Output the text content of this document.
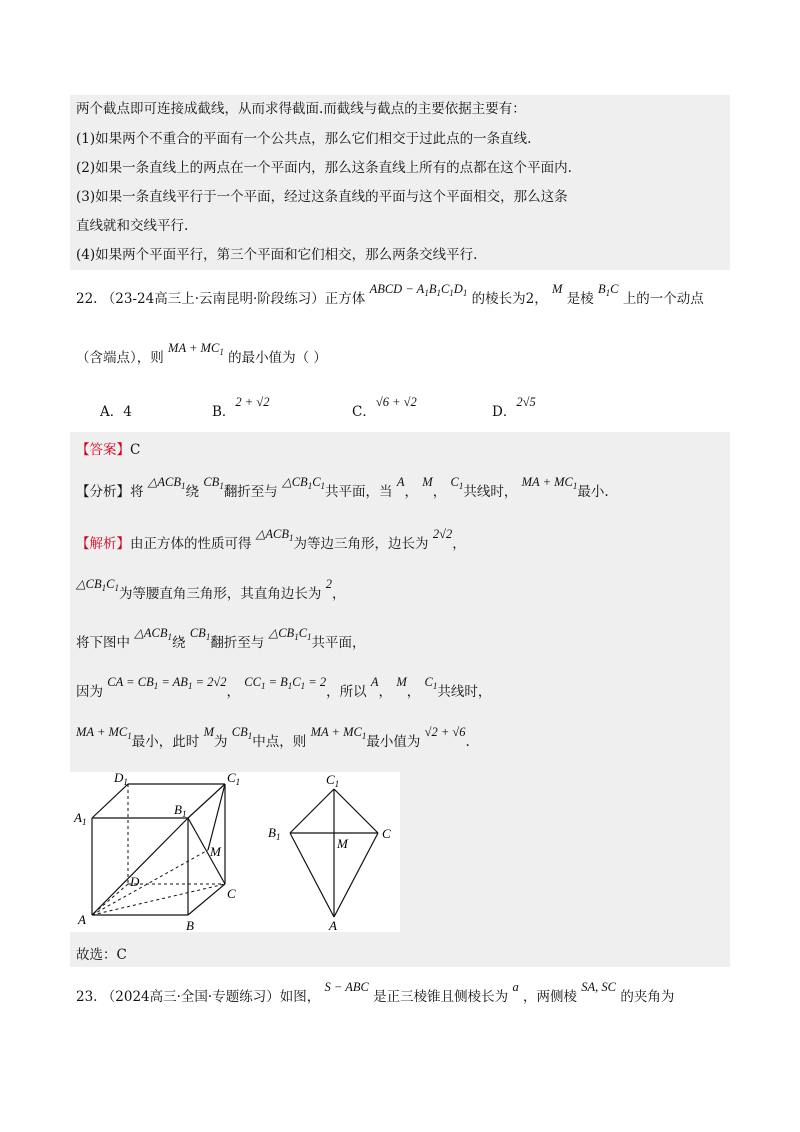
两个截点即可连接成截线，从而求得截面.而截线与截点的主要依据主要有：
(1)如果两个不重合的平面有一个公共点，那么它们相交于过此点的一条直线.
(2)如果一条直线上的两点在一个平面内，那么这条直线上所有的点都在这个平面内.
(3)如果一条直线平行于一个平面，经过这条直线的平面与这个平面相交，那么这条
直线就和交线平行.
(4)如果两个平面平行，第三个平面和它们相交，那么两条交线平行.
22. （23-24高三上·云南昆明·阶段练习）正方体 ABCD − $A_1B_1C_1D_1$ 的棱长为2， M 是棱 $B_1C$ 上的一个动点
（含端点），则 MA + $MC_1$ 的最小值为（ ）
A．4	B．2 + √2
C．√6 + √2
D．2√5
【答案】C
【分析】将 $\triangle ACB_1$绕 $CB_1$翻折至与 $\triangle CB_1C_1$共平面，当 A， M， $C_1$共线时， MA + $MC_1$最小.
【解析】由正方体的性质可得 $\triangle ACB_1$为等边三角形，边长为 2√2，
$\triangle CB_1C_1$为等腰直角三角形，其直角边长为 2，
将下图中 $\triangle ACB_1$绕 $CB_1$翻折至与 $\triangle CB_1C_1$共平面，
因为 CA = $CB_1 = AB_1 = 2√2$， $CC_1 = B_1C_1 = 2$，所以 A， M， $C_1$共线时，
MA + $MC_1$最小，此时 M为 $CB_1$中点，则 MA + $MC_1$最小值为 √2 + √6.
$D_1$	$C_1$
$B_1$
$A_1$
M
D
C
A	B
$C_1$
$B_1$	M
C
A
故选：C
23. （2024高三·全国·专题练习）如图， S − ABC 是正三棱锥且侧棱长为 a ，两侧棱 SA, SC 的夹角为
